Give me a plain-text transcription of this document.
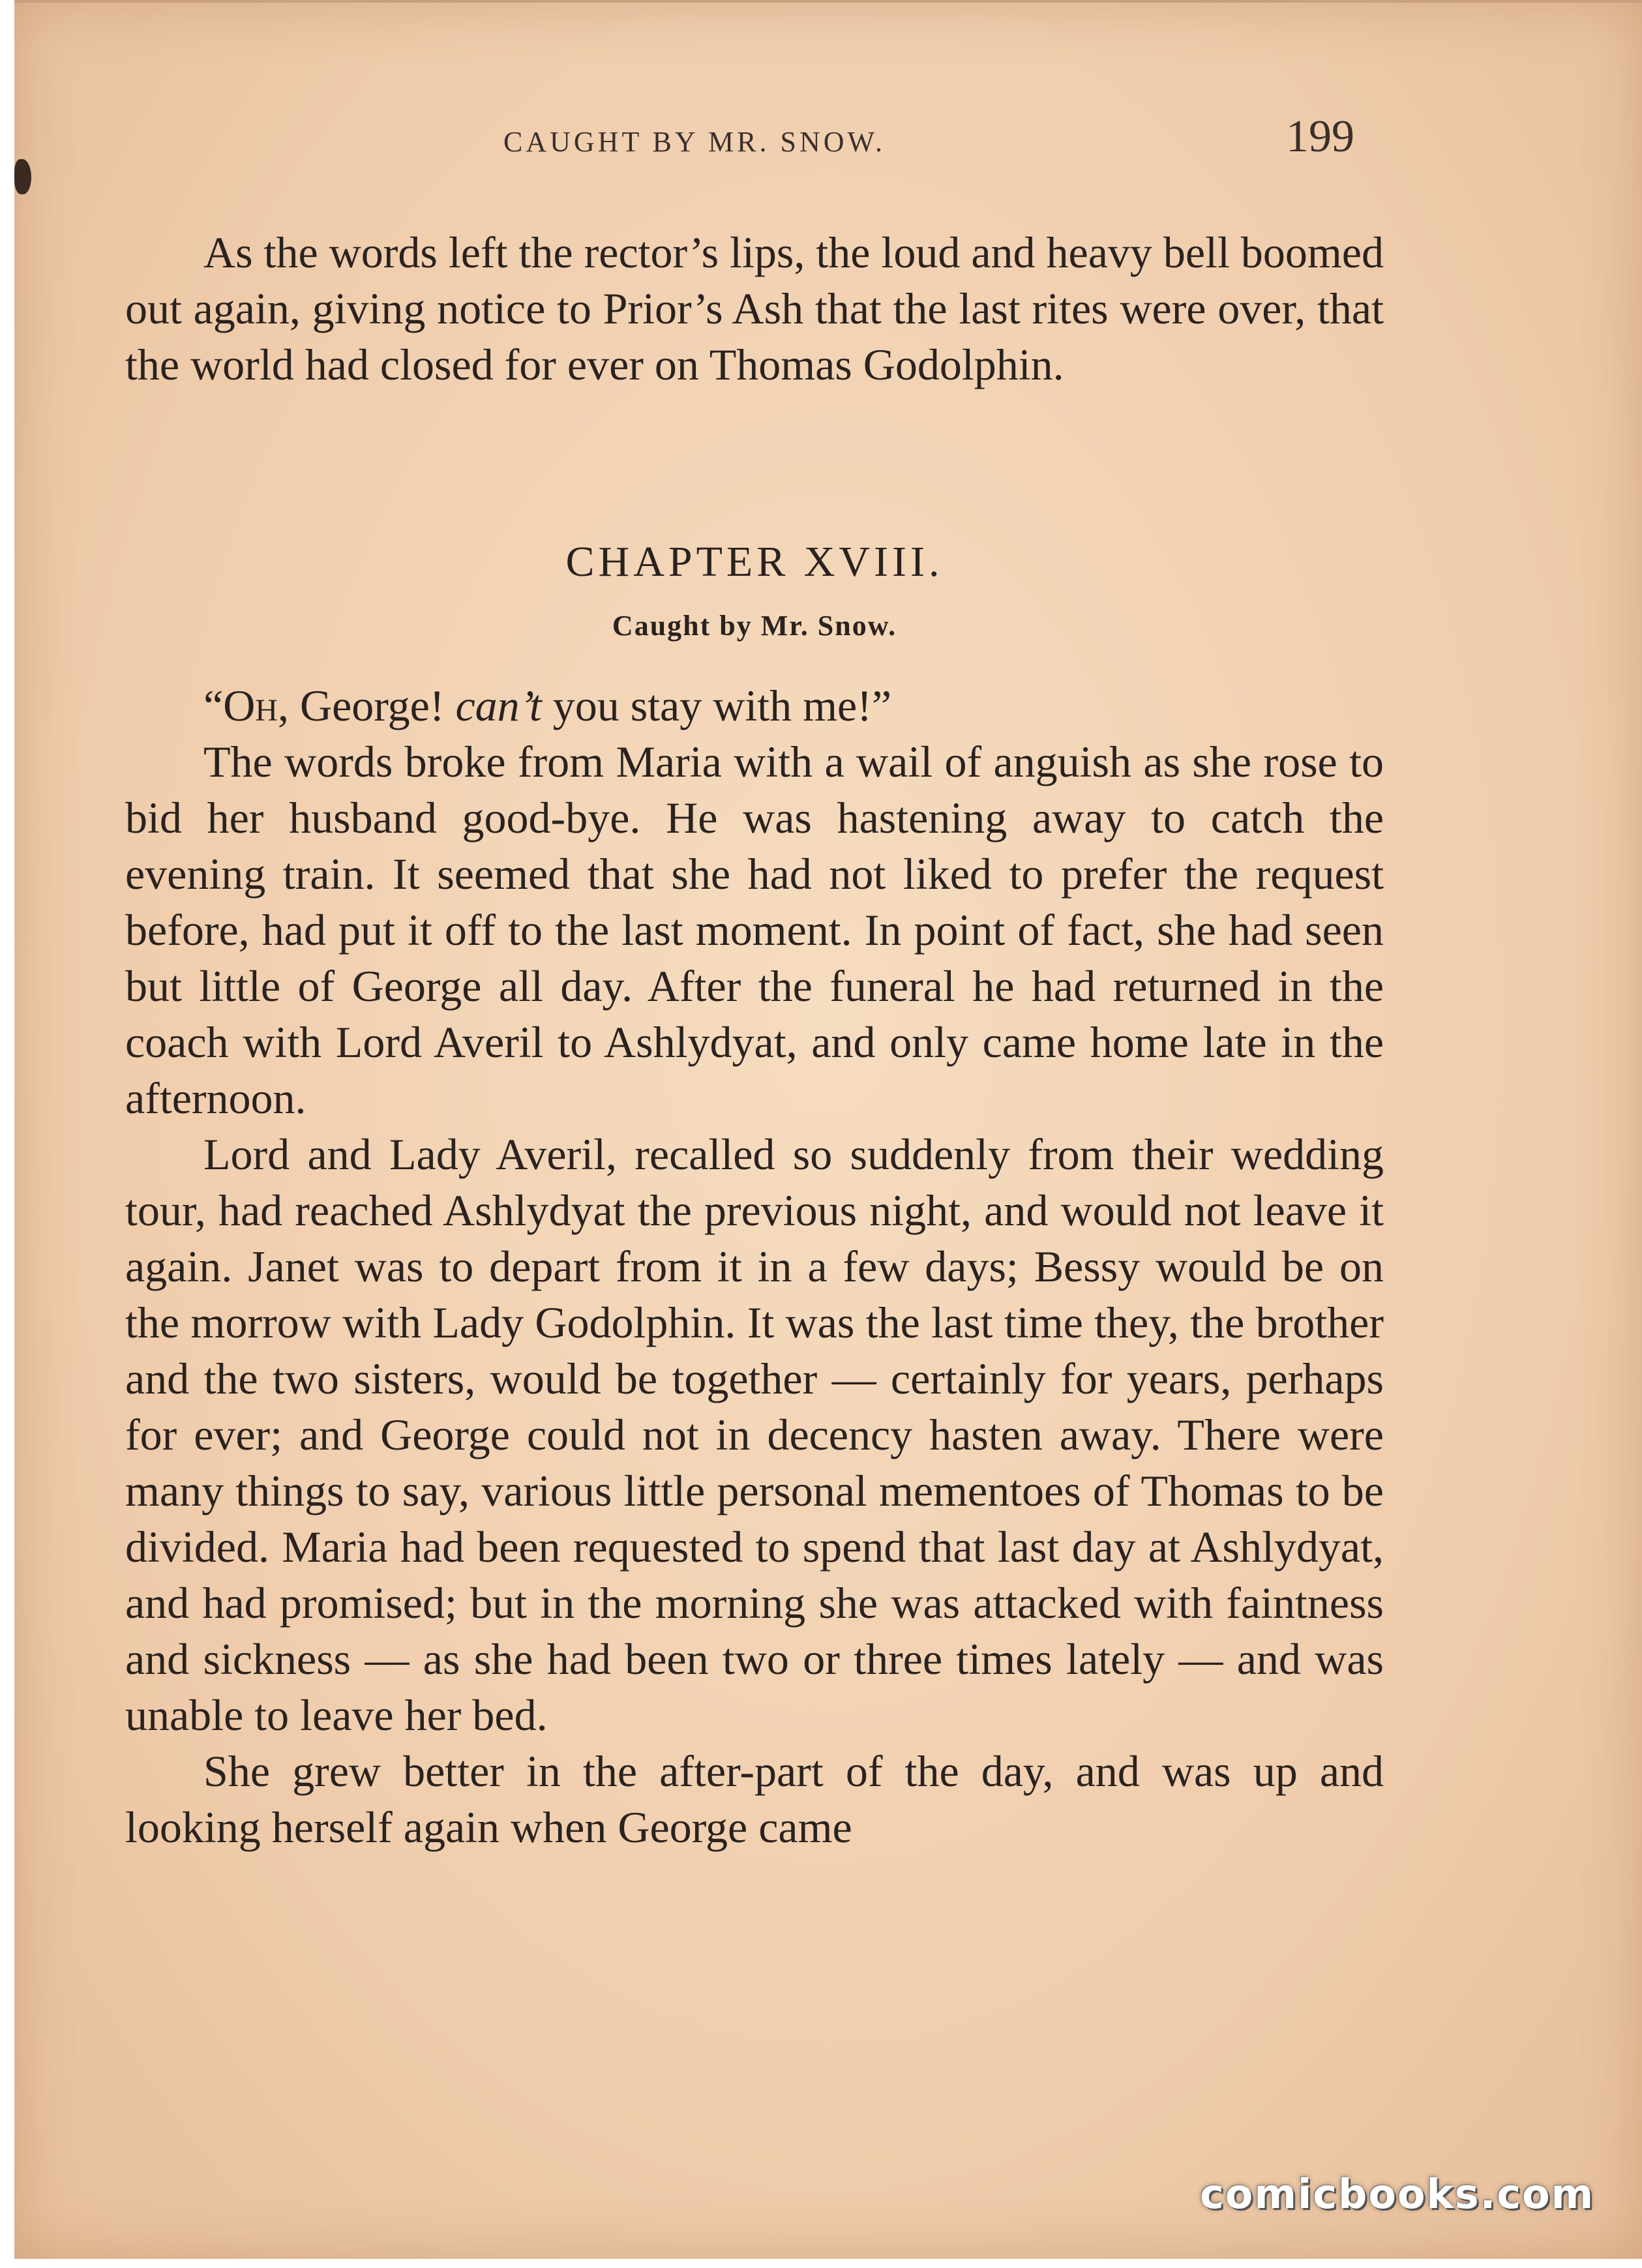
CAUGHT BY MR. SNOW.	199

As the words left the rector’s lips, the loud and heavy bell boomed out again, giving notice to Prior’s Ash that the last rites were over, that the world had closed for ever on Thomas Godolphin.

CHAPTER XVIII.
Caught by Mr. Snow.

“Oh, George! can’t you stay with me!”

The words broke from Maria with a wail of anguish as she rose to bid her husband good-bye. He was hastening away to catch the evening train. It seemed that she had not liked to prefer the request before, had put it off to the last moment. In point of fact, she had seen but little of George all day. After the funeral he had returned in the coach with Lord Averil to Ashlydyat, and only came home late in the afternoon.

Lord and Lady Averil, recalled so suddenly from their wedding tour, had reached Ashlydyat the previous night, and would not leave it again. Janet was to depart from it in a few days; Bessy would be on the morrow with Lady Godolphin. It was the last time they, the brother and the two sisters, would be together — certainly for years, perhaps for ever; and George could not in decency hasten away. There were many things to say, various little personal mementoes of Thomas to be divided. Maria had been requested to spend that last day at Ashlydyat, and had promised; but in the morning she was attacked with faintness and sickness — as she had been two or three times lately — and was unable to leave her bed.

She grew better in the after-part of the day, and was up and looking herself again when George came

comicbooks.com
